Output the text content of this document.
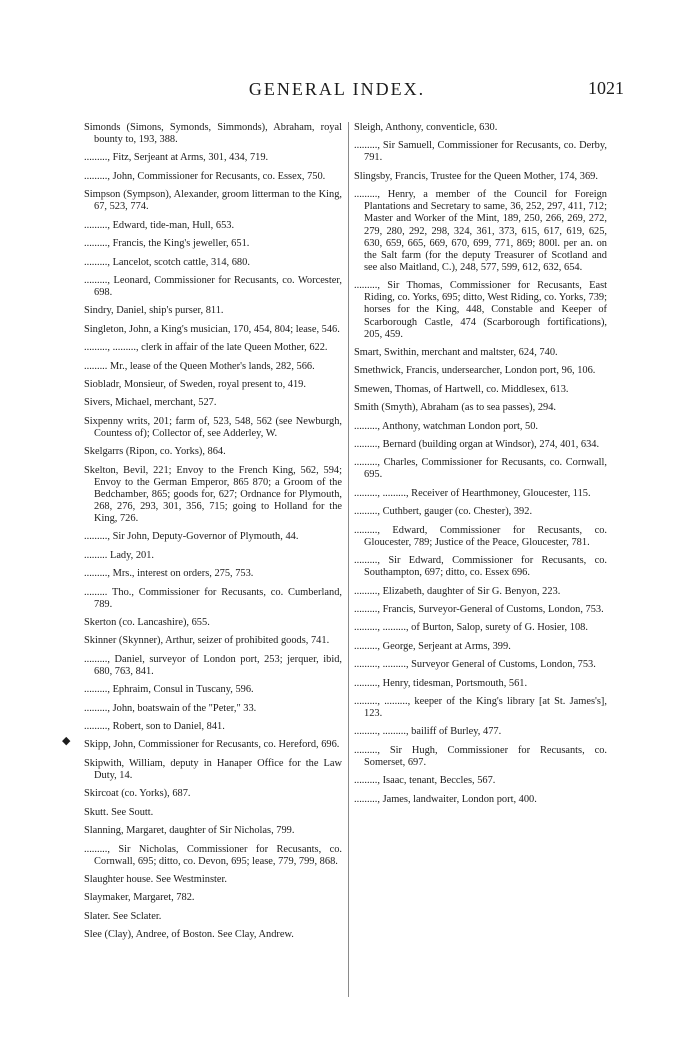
GENERAL INDEX.	1021
◆
Simonds (Simons, Symonds, Simmonds), Abraham, royal bounty to, 193, 388.
........., Fitz, Serjeant at Arms, 301, 434, 719.
........., John, Commissioner for Recusants, co. Essex, 750.
Simpson (Sympson), Alexander, groom litterman to the King, 67, 523, 774.
........., Edward, tide-man, Hull, 653.
........., Francis, the King's jeweller, 651.
........., Lancelot, scotch cattle, 314, 680.
........., Leonard, Commissioner for Recusants, co. Worcester, 698.
Sindry, Daniel, ship's purser, 811.
Singleton, John, a King's musician, 170, 454, 804; lease, 546.
........., ........., clerk in affair of the late Queen Mother, 622.
......... Mr., lease of the Queen Mother's lands, 282, 566.
Siobladr, Monsieur, of Sweden, royal present to, 419.
Sivers, Michael, merchant, 527.
Sixpenny writs, 201; farm of, 523, 548, 562 (see Newburgh, Countess of); Collector of, see Adderley, W.
Skelgarrs (Ripon, co. Yorks), 864.
Skelton, Bevil, 221; Envoy to the French King, 562, 594; Envoy to the German Emperor, 865 870; a Groom of the Bedchamber, 865; goods for, 627; Ordnance for Plymouth, 268, 276, 293, 301, 356, 715; going to Holland for the King, 726.
........., Sir John, Deputy-Governor of Plymouth, 44.
......... Lady, 201.
........., Mrs., interest on orders, 275, 753.
......... Tho., Commissioner for Recusants, co. Cumberland, 789.
Skerton (co. Lancashire), 655.
Skinner (Skynner), Arthur, seizer of prohibited goods, 741.
........., Daniel, surveyor of London port, 253; jerquer, ibid, 680, 763, 841.
........., Ephraim, Consul in Tuscany, 596.
........., John, boatswain of the "Peter," 33.
........., Robert, son to Daniel, 841.
Skipp, John, Commissioner for Recusants, co. Hereford, 696.
Skipwith, William, deputy in Hanaper Office for the Law Duty, 14.
Skircoat (co. Yorks), 687.
Skutt. See Soutt.
Slanning, Margaret, daughter of Sir Nicholas, 799.
........., Sir Nicholas, Commissioner for Recusants, co. Cornwall, 695; ditto, co. Devon, 695; lease, 779, 799, 868.
Slaughter house. See Westminster.
Slaymaker, Margaret, 782.
Slater. See Sclater.
Slee (Clay), Andree, of Boston. See Clay, Andrew.
Sleigh, Anthony, conventicle, 630.
........., Sir Samuell, Commissioner for Recusants, co. Derby, 791.
Slingsby, Francis, Trustee for the Queen Mother, 174, 369.
........., Henry, a member of the Council for Foreign Plantations and Secretary to same, 36, 252, 297, 411, 712; Master and Worker of the Mint, 189, 250, 266, 269, 272, 279, 280, 292, 298, 324, 361, 373, 615, 617, 619, 625, 630, 659, 665, 669, 670, 699, 771, 869; 800l. per an. on the Salt farm (for the deputy Treasurer of Scotland and see also Maitland, C.), 248, 577, 599, 612, 632, 654.
........., Sir Thomas, Commissioner for Recusants, East Riding, co. Yorks, 695; ditto, West Riding, co. Yorks, 739; horses for the King, 448, Constable and Keeper of Scarborough Castle, 474 (Scarborough fortifications), 205, 459.
Smart, Swithin, merchant and maltster, 624, 740.
Smethwick, Francis, undersearcher, London port, 96, 106.
Smewen, Thomas, of Hartwell, co. Middlesex, 613.
Smith (Smyth), Abraham (as to sea passes), 294.
........., Anthony, watchman London port, 50.
........., Bernard (building organ at Windsor), 274, 401, 634.
........., Charles, Commissioner for Recusants, co. Cornwall, 695.
........., ........., Receiver of Hearthmoney, Gloucester, 115.
........., Cuthbert, gauger (co. Chester), 392.
........., Edward, Commissioner for Recusants, co. Gloucester, 789; Justice of the Peace, Gloucester, 781.
........., Sir Edward, Commissioner for Recusants, co. Southampton, 697; ditto, co. Essex 696.
........., Elizabeth, daughter of Sir G. Benyon, 223.
........., Francis, Surveyor-General of Customs, London, 753.
........., ........., of Burton, Salop, surety of G. Hosier, 108.
........., George, Serjeant at Arms, 399.
........., ........., Surveyor General of Customs, London, 753.
........., Henry, tidesman, Portsmouth, 561.
........., ........., keeper of the King's library [at St. James's], 123.
........., ........., bailiff of Burley, 477.
........., Sir Hugh, Commissioner for Recusants, co. Somerset, 697.
........., Isaac, tenant, Beccles, 567.
........., James, landwaiter, London port, 400.
